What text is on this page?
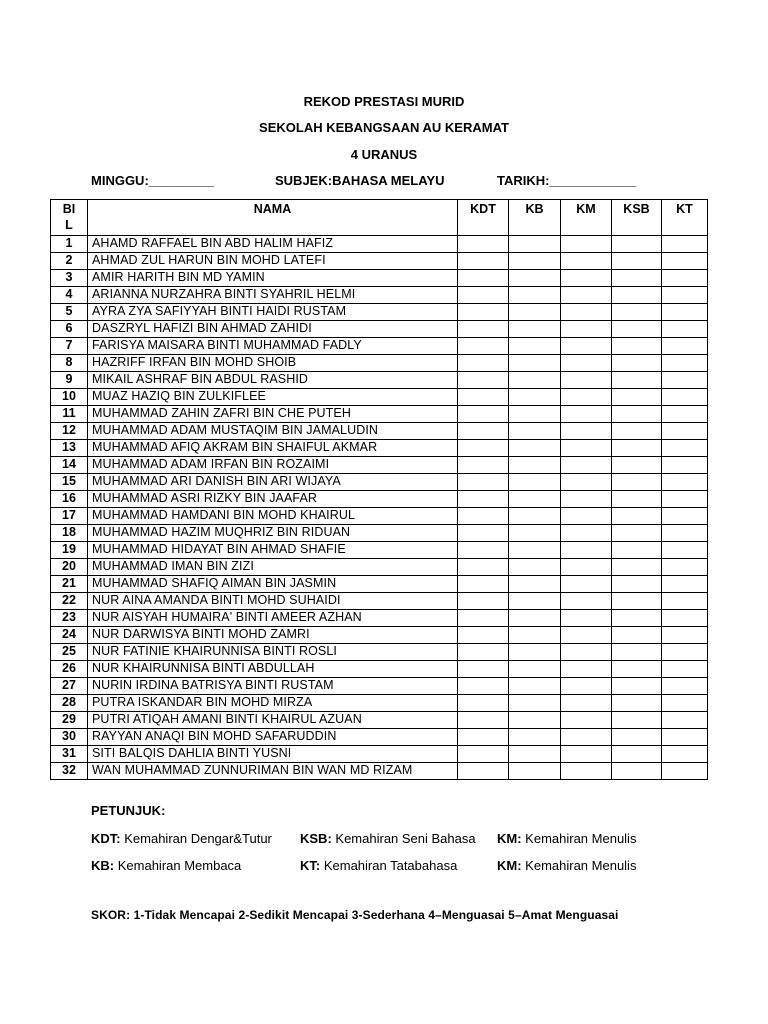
REKOD PRESTASI MURID
SEKOLAH KEBANGSAAN AU KERAMAT
4 URANUS
MINGGU:_________	SUBJEK:BAHASA MELAYU	TARIKH:____________
BIL	NAMA	KDT	KB	KM	KSB	KT
1	AHAMD RAFFAEL BIN ABD HALIM HAFIZ					
2	AHMAD ZUL HARUN BIN MOHD LATEFI					
3	AMIR HARITH BIN MD YAMIN					
4	ARIANNA NURZAHRA BINTI SYAHRIL HELMI					
5	AYRA ZYA SAFIYYAH BINTI HAIDI RUSTAM					
6	DASZRYL HAFIZI BIN AHMAD ZAHIDI					
7	FARISYA MAISARA BINTI MUHAMMAD FADLY					
8	HAZRIFF IRFAN BIN MOHD SHOIB					
9	MIKAIL ASHRAF BIN ABDUL RASHID					
10	MUAZ HAZIQ BIN ZULKIFLEE					
11	MUHAMMAD ZAHIN ZAFRI BIN CHE PUTEH					
12	MUHAMMAD ADAM MUSTAQIM BIN JAMALUDIN					
13	MUHAMMAD AFIQ AKRAM BIN SHAIFUL AKMAR					
14	MUHAMMAD ADAM IRFAN BIN ROZAIMI					
15	MUHAMMAD ARI DANISH BIN ARI WIJAYA					
16	MUHAMMAD ASRI RIZKY BIN JAAFAR					
17	MUHAMMAD HAMDANI BIN MOHD KHAIRUL					
18	MUHAMMAD HAZIM MUQHRIZ BIN RIDUAN					
19	MUHAMMAD HIDAYAT BIN AHMAD SHAFIE					
20	MUHAMMAD IMAN BIN ZIZI					
21	MUHAMMAD SHAFIQ AIMAN BIN JASMIN					
22	NUR AINA AMANDA BINTI MOHD SUHAIDI					
23	NUR AISYAH HUMAIRA' BINTI AMEER AZHAN					
24	NUR DARWISYA BINTI MOHD ZAMRI					
25	NUR FATINIE KHAIRUNNISA BINTI ROSLI					
26	NUR KHAIRUNNISA BINTI ABDULLAH					
27	NURIN IRDINA BATRISYA BINTI RUSTAM					
28	PUTRA ISKANDAR BIN MOHD MIRZA					
29	PUTRI ATIQAH AMANI BINTI KHAIRUL AZUAN					
30	RAYYAN ANAQI BIN MOHD SAFARUDDIN					
31	SITI BALQIS DAHLIA BINTI YUSNI					
32	WAN MUHAMMAD ZUNNURIMAN BIN WAN MD RIZAM					
PETUNJUK:
KDT: Kemahiran Dengar&Tutur KSB: Kemahiran Seni Bahasa KM: Kemahiran Menulis
KB: Kemahiran Membaca	KT: Kemahiran Tatabahasa	KM: Kemahiran Menulis
SKOR: 1-Tidak Mencapai 2-Sedikit Mencapai 3-Sederhana 4–Menguasai 5–Amat Menguasai
